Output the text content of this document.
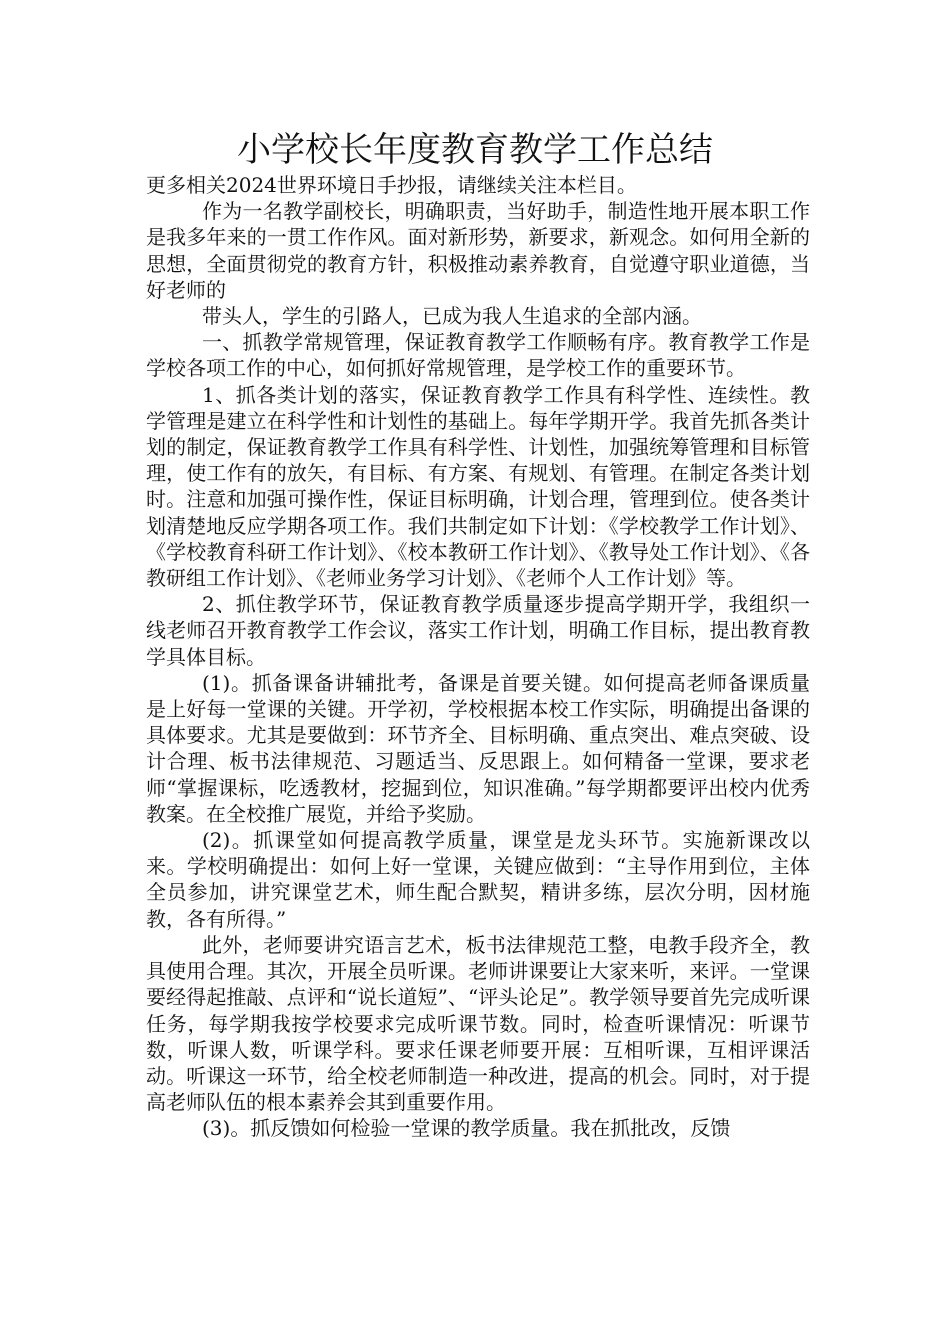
小学校长年度教育教学工作总结

更多相关2024世界环境日手抄报，请继续关注本栏目。

作为一名教学副校长，明确职责，当好助手，制造性地开展本职工作是我多年来的一贯工作作风。面对新形势，新要求，新观念。如何用全新的思想，全面贯彻党的教育方针，积极推动素养教育，自觉遵守职业道德，当好老师的

带头人，学生的引路人，已成为我人生追求的全部内涵。

一、抓教学常规管理，保证教育教学工作顺畅有序。教育教学工作是学校各项工作的中心，如何抓好常规管理，是学校工作的重要环节。

1、抓各类计划的落实，保证教育教学工作具有科学性、连续性。教学管理是建立在科学性和计划性的基础上。每年学期开学。我首先抓各类计划的制定，保证教育教学工作具有科学性、计划性，加强统筹管理和目标管理，使工作有的放矢，有目标、有方案、有规划、有管理。在制定各类计划时。注意和加强可操作性，保证目标明确，计划合理，管理到位。使各类计划清楚地反应学期各项工作。我们共制定如下计划：《学校教学工作计划》、《学校教育科研工作计划》、《校本教研工作计划》、《教导处工作计划》、《各教研组工作计划》、《老师业务学习计划》、《老师个人工作计划》等。

2、抓住教学环节，保证教育教学质量逐步提高学期开学，我组织一线老师召开教育教学工作会议，落实工作计划，明确工作目标，提出教育教学具体目标。

(1)。抓备课备讲辅批考，备课是首要关键。如何提高老师备课质量是上好每一堂课的关键。开学初，学校根据本校工作实际，明确提出备课的具体要求。尤其是要做到：环节齐全、目标明确、重点突出、难点突破、设计合理、板书法律规范、习题适当、反思跟上。如何精备一堂课，要求老师“掌握课标，吃透教材，挖掘到位，知识准确。”每学期都要评出校内优秀教案。在全校推广展览，并给予奖励。

(2)。抓课堂如何提高教学质量，课堂是龙头环节。实施新课改以来。学校明确提出：如何上好一堂课，关键应做到：“主导作用到位，主体全员参加，讲究课堂艺术，师生配合默契，精讲多练，层次分明，因材施教，各有所得。”

此外，老师要讲究语言艺术，板书法律规范工整，电教手段齐全，教具使用合理。其次，开展全员听课。老师讲课要让大家来听，来评。一堂课要经得起推敲、点评和“说长道短”、“评头论足”。教学领导要首先完成听课任务，每学期我按学校要求完成听课节数。同时，检查听课情况：听课节数，听课人数，听课学科。要求任课老师要开展：互相听课，互相评课活动。听课这一环节，给全校老师制造一种改进，提高的机会。同时，对于提高老师队伍的根本素养会其到重要作用。

(3)。抓反馈如何检验一堂课的教学质量。我在抓批改，反馈
